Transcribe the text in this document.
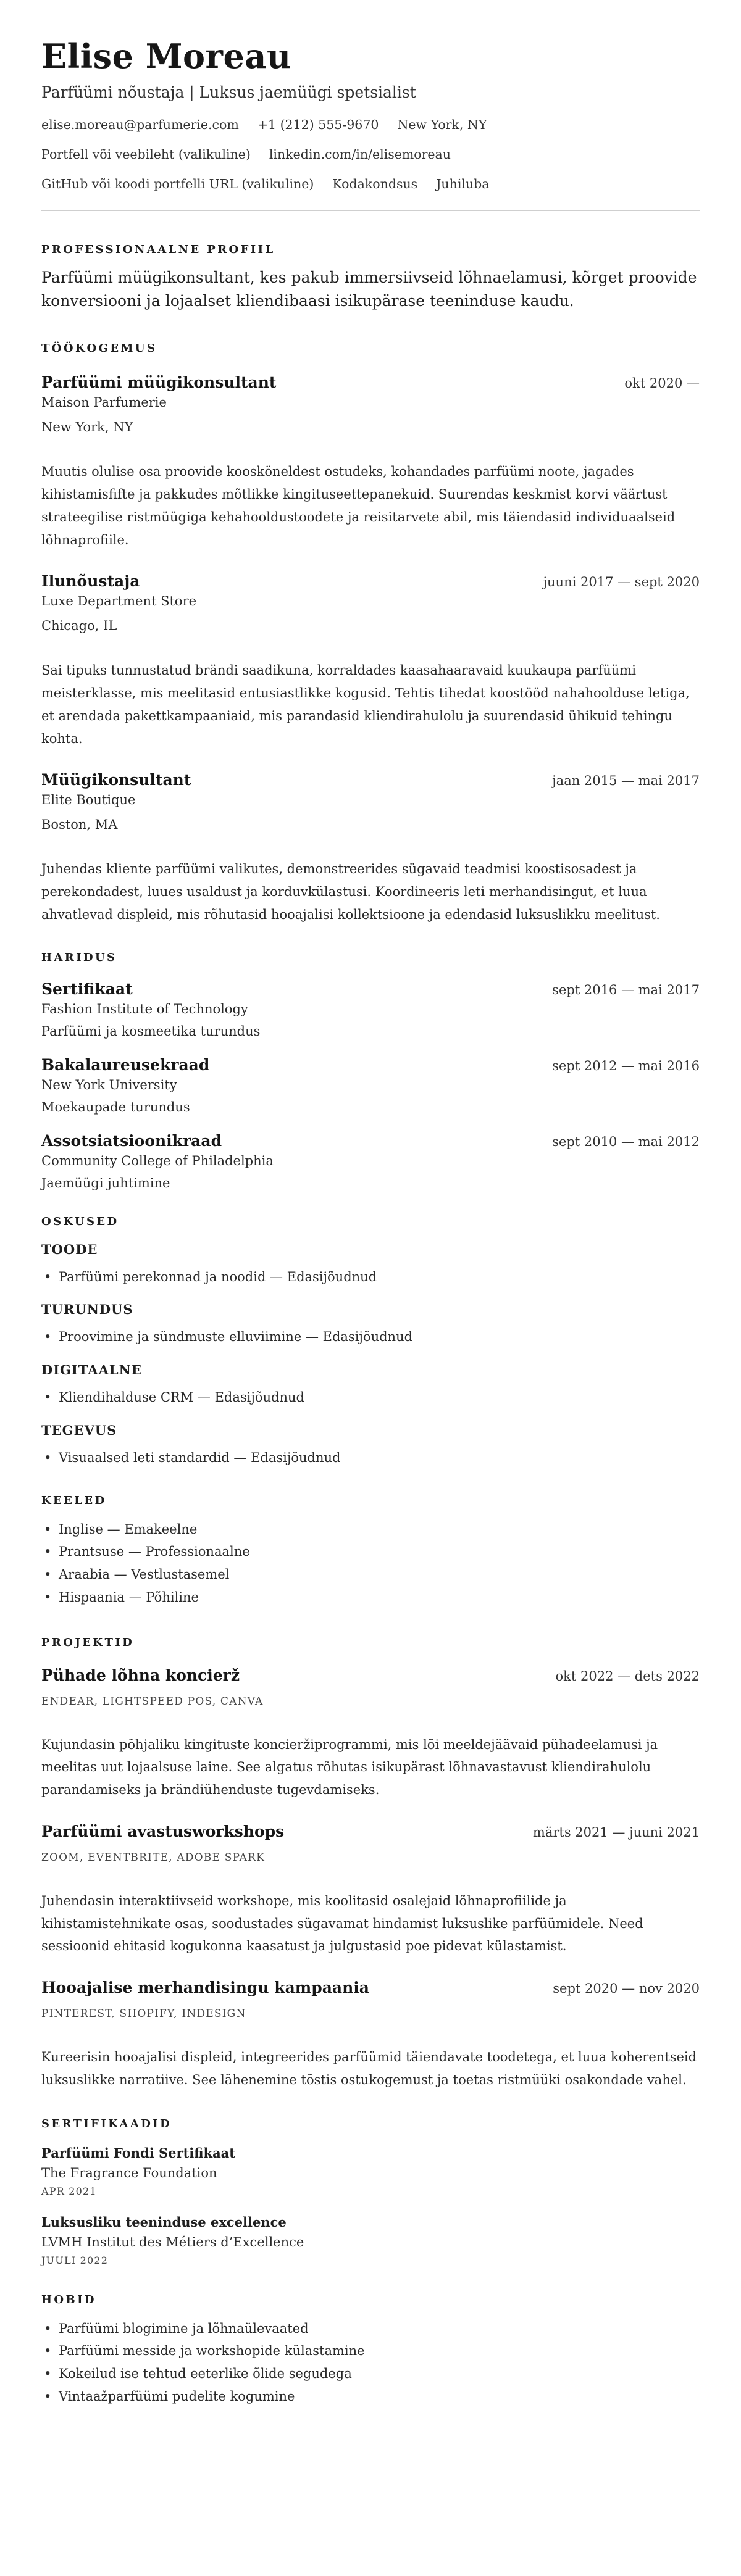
Elise Moreau
Parfüümi nõustaja | Luksus jaemüügi spetsialist
elise.moreau@parfumerie.com +1 (212) 555-9670 New York, NY
Portfell või veebileht (valikuline) linkedin.com/in/elisemoreau
GitHub või koodi portfelli URL (valikuline) Kodakondsus Juhiluba
PROFESSIONAALNE PROFIIL

Parfüümi müügikonsultant, kes pakub immersiivseid lõhnaelamusi, kõrget proovide konversiooni ja lojaalset kliendibaasi isikupärase teeninduse kaudu.

TÖÖKOGEMUS
Parfüümi müügikonsultant	okt 2020 —
Maison Parfumerie
New York, NY

Muutis olulise osa proovide koosköneldest ostudeks, kohandades parfüümi noote, jagades kihistamisfifte ja pakkudes mõtlikke kingituseettepanekuid. Suurendas keskmist korvi väärtust strateegilise ristmüügiga kehahooldustoodete ja reisitarvete abil, mis täiendasid individuaalseid lõhnaprofiile.

Ilunõustaja	juuni 2017 — sept 2020
Luxe Department Store
Chicago, IL

Sai tipuks tunnustatud brändi saadikuna, korraldades kaasahaaravaid kuukaupa parfüümi meisterklasse, mis meelitasid entusiastlikke kogusid. Tehtis tihedat koostööd nahahoolduse letiga, et arendada pakettkampaaniaid, mis parandasid kliendirahulolu ja suurendasid ühikuid tehingu kohta.

Müügikonsultant	jaan 2015 — mai 2017
Elite Boutique
Boston, MA

Juhendas kliente parfüümi valikutes, demonstreerides sügavaid teadmisi koostisosadest ja perekondadest, luues usaldust ja korduvkülastusi. Koordineeris leti merhandisingut, et luua ahvatlevad displeid, mis rõhutasid hooajalisi kollektsioone ja edendasid luksuslikku meelitust.

HARIDUS
Sertifikaat	sept 2016 — mai 2017
Fashion Institute of Technology
Parfüümi ja kosmeetika turundus
Bakalaureusekraad	sept 2012 — mai 2016
New York University
Moekaupade turundus
Assotsiatsioonikraad	sept 2010 — mai 2012
Community College of Philadelphia
Jaemüügi juhtimine
OSKUSED
TOODE
• Parfüümi perekonnad ja noodid — Edasijõudnud
TURUNDUS
• Proovimine ja sündmuste elluviimine — Edasijõudnud
DIGITAALNE
• Kliendihalduse CRM — Edasijõudnud
TEGEVUS
• Visuaalsed leti standardid — Edasijõudnud
KEELED
• Inglise — Emakeelne
• Prantsuse — Professionaalne
• Araabia — Vestlustasemel
• Hispaania — Põhiline
PROJEKTID
Pühade lõhna koncierž	okt 2022 — dets 2022
ENDEAR, LIGHTSPEED POS, CANVA

Kujundasin põhjaliku kingituste koncieržiprogrammi, mis lõi meeldejäävaid pühadeelamusi ja meelitas uut lojaalsuse laine. See algatus rõhutas isikupärast lõhnavastavust kliendirahulolu parandamiseks ja brändiühenduste tugevdamiseks.

Parfüümi avastusworkshops	märts 2021 — juuni 2021
ZOOM, EVENTBRITE, ADOBE SPARK

Juhendasin interaktiivseid workshope, mis koolitasid osalejaid lõhnaprofiilide ja kihistamistehnikate osas, soodustades sügavamat hindamist luksuslike parfüümidele. Need sessioonid ehitasid kogukonna kaasatust ja julgustasid poe pidevat külastamist.

Hooajalise merhandisingu kampaania	sept 2020 — nov 2020
PINTEREST, SHOPIFY, INDESIGN

Kureerisin hooajalisi displeid, integreerides parfüümid täiendavate toodetega, et luua koherentseid luksuslikke narratiive. See lähenemine tõstis ostukogemust ja toetas ristmüüki osakondade vahel.

SERTIFIKAADID
Parfüümi Fondi Sertifikaat
The Fragrance Foundation
APR 2021
Luksusliku teeninduse excellence
LVMH Institut des Métiers d’Excellence
JUULI 2022
HOBID
• Parfüümi blogimine ja lõhnaülevaated
• Parfüümi messide ja workshopide külastamine
• Kokeilud ise tehtud eeterlike õlide segudega
• Vintaažparfüümi pudelite kogumine
